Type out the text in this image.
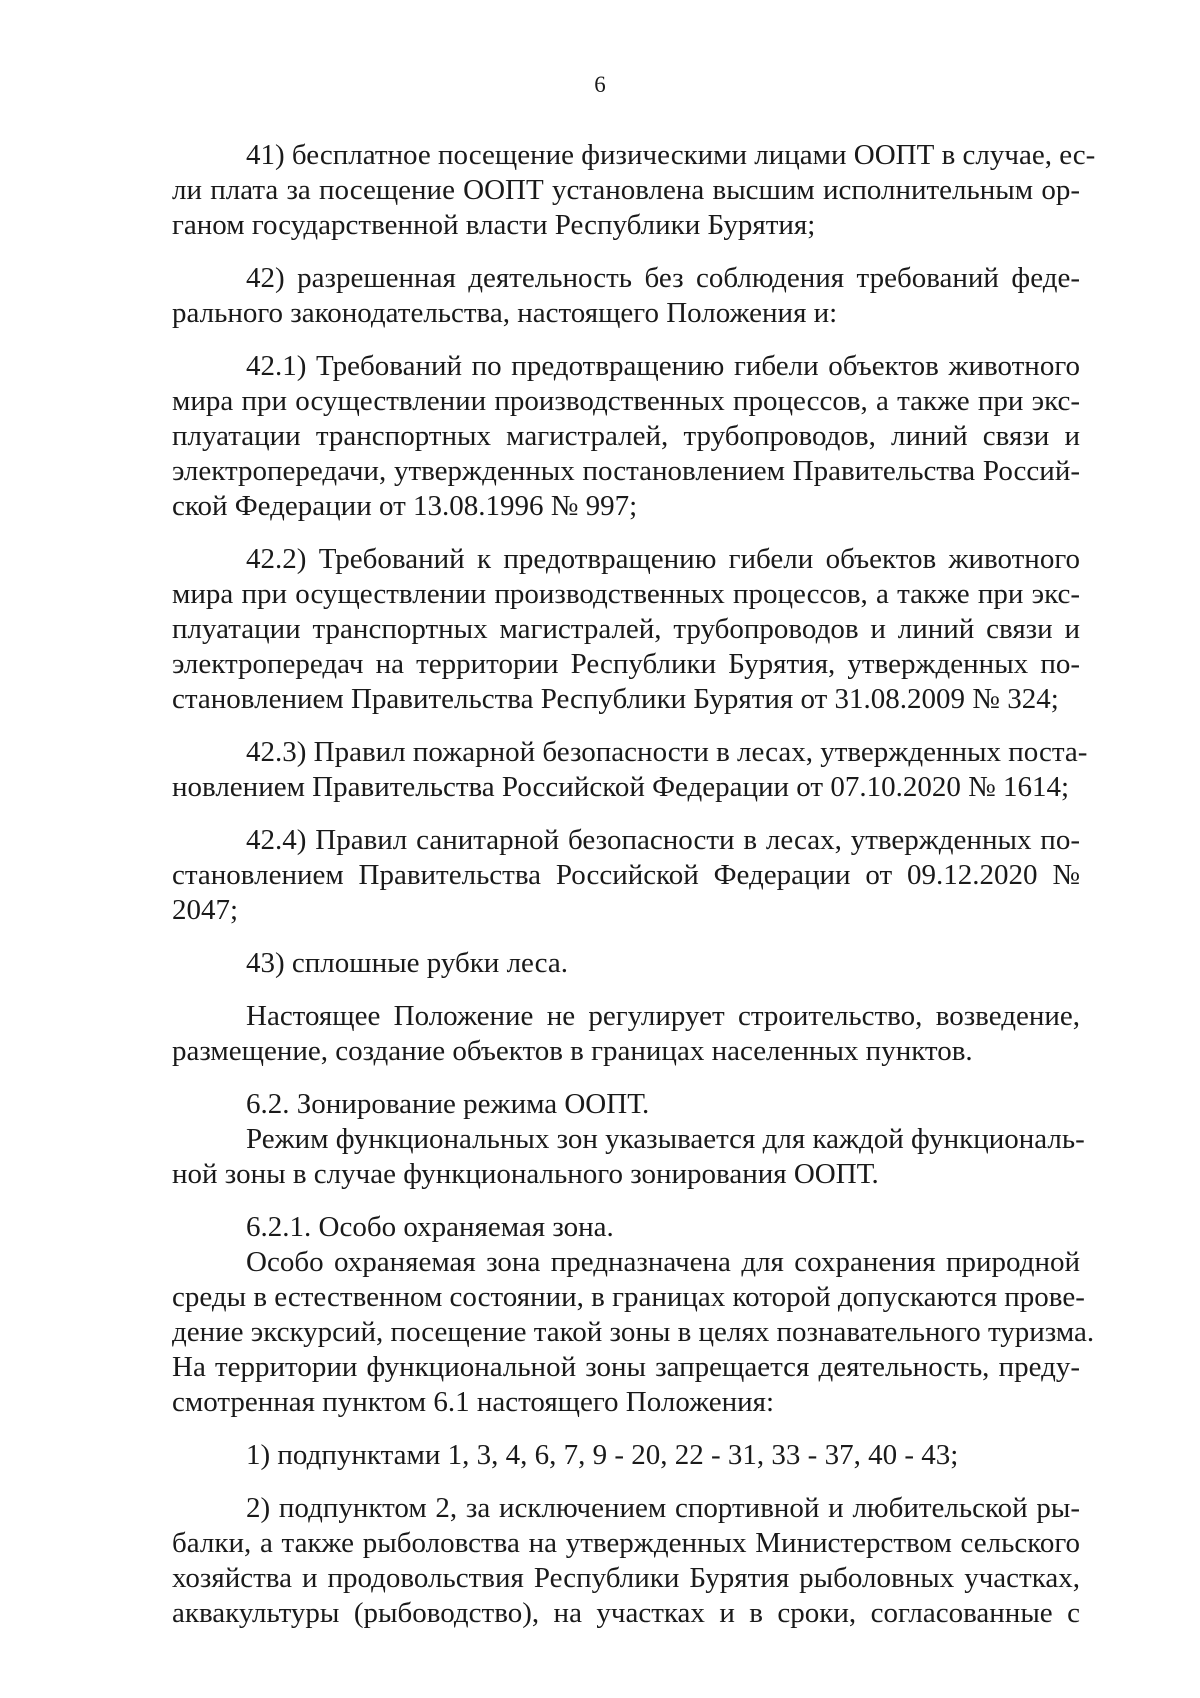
6
41) бесплатное посещение физическими лицами ООПТ в случае, ес-
ли плата за посещение ООПТ установлена высшим исполнительным ор-
ганом государственной власти Республики Бурятия;
42) разрешенная деятельность без соблюдения требований феде-
рального законодательства, настоящего Положения и:
42.1) Требований по предотвращению гибели объектов животного
мира при осуществлении производственных процессов, а также при экс-
плуатации транспортных магистралей, трубопроводов, линий связи и
электропередачи, утвержденных постановлением Правительства Россий-
ской Федерации от 13.08.1996 № 997;
42.2) Требований к предотвращению гибели объектов животного
мира при осуществлении производственных процессов, а также при экс-
плуатации транспортных магистралей, трубопроводов и линий связи и
электропередач на территории Республики Бурятия, утвержденных по-
становлением Правительства Республики Бурятия от 31.08.2009 № 324;
42.3) Правил пожарной безопасности в лесах, утвержденных поста-
новлением Правительства Российской Федерации от 07.10.2020 № 1614;
42.4) Правил санитарной безопасности в лесах, утвержденных по-
становлением Правительства Российской Федерации от 09.12.2020 №
2047;
43) сплошные рубки леса.
Настоящее Положение не регулирует строительство, возведение,
размещение, создание объектов в границах населенных пунктов.
6.2. Зонирование режима ООПТ.
Режим функциональных зон указывается для каждой функциональ-
ной зоны в случае функционального зонирования ООПТ.
6.2.1. Особо охраняемая зона.
Особо охраняемая зона предназначена для сохранения природной
среды в естественном состоянии, в границах которой допускаются прове-
дение экскурсий, посещение такой зоны в целях познавательного туризма.
На территории функциональной зоны запрещается деятельность, преду-
смотренная пунктом 6.1 настоящего Положения:
1) подпунктами 1, 3, 4, 6, 7, 9 - 20, 22 - 31, 33 - 37, 40 - 43;
2) подпунктом 2, за исключением спортивной и любительской ры-
балки, а также рыболовства на утвержденных Министерством сельского
хозяйства и продовольствия Республики Бурятия рыболовных участках,
аквакультуры (рыбоводство), на участках и в сроки, согласованные с
